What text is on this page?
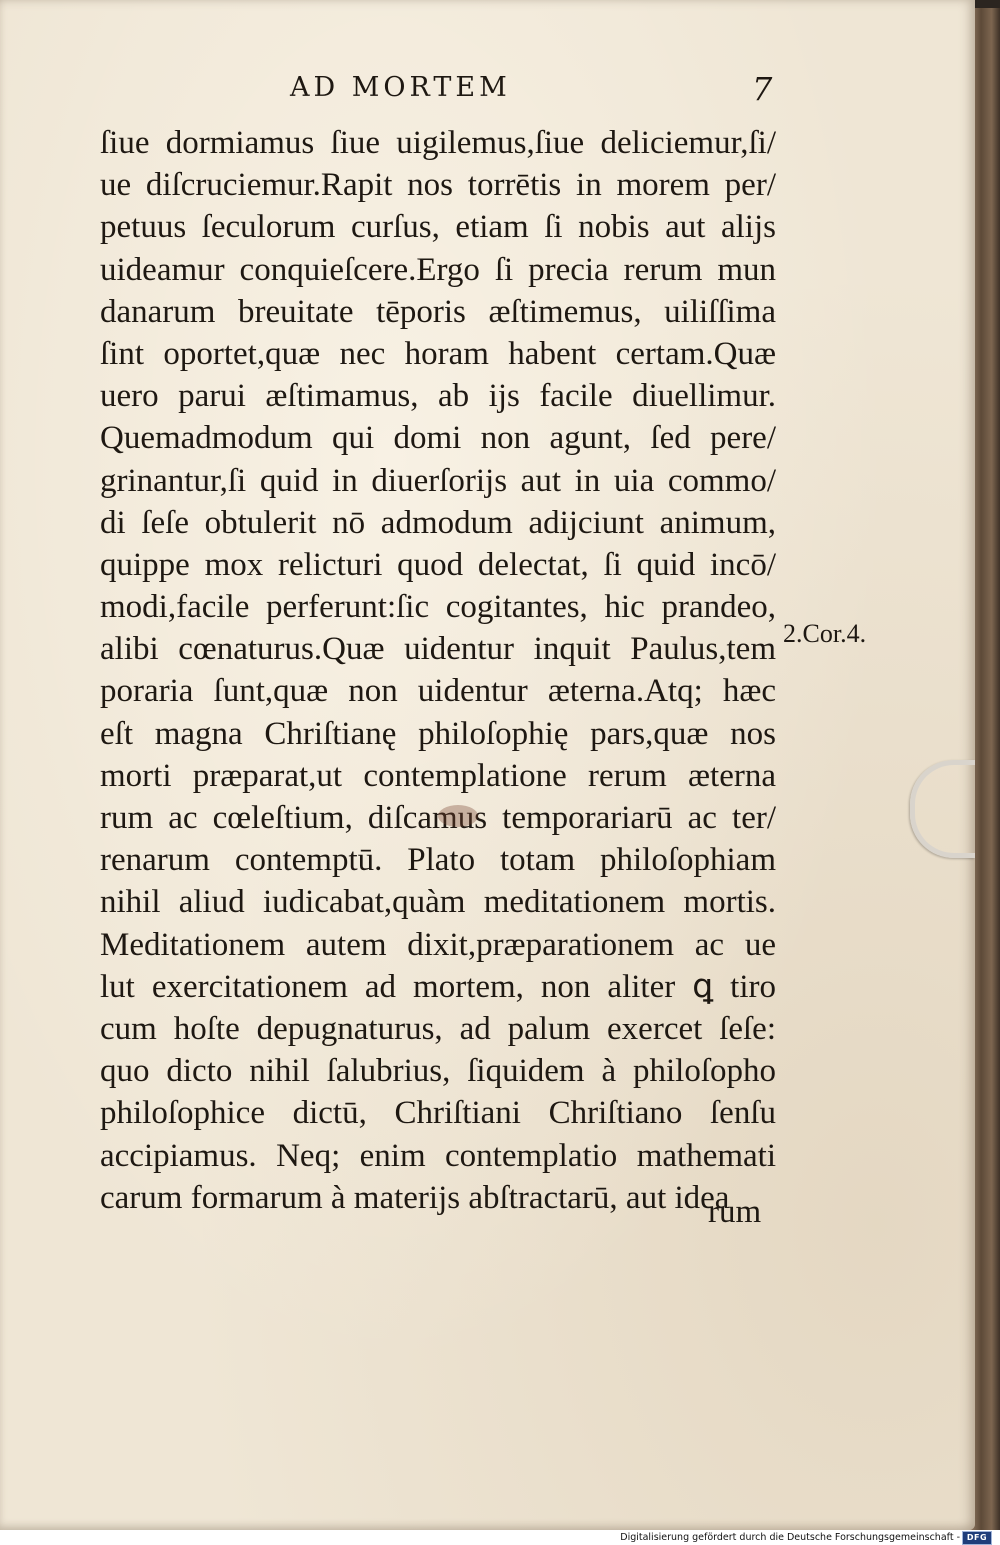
AD MORTEM	7
ſiue dormiamus ſiue uigilemus,ſiue deliciemur,ſi/
ue diſcruciemur.Rapit nos torrētis in morem per/
petuus ſeculorum curſus, etiam ſi nobis aut alijs
uideamur conquieſcere.Ergo ſi precia rerum mun
danarum breuitate tēporis æſtimemus, uiliſſima
ſint oportet,quæ nec horam habent certam.Quæ
uero parui æſtimamus, ab ijs facile diuellimur.
Quemadmodum qui domi non agunt, ſed pere/
grinantur,ſi quid in diuerſorijs aut in uia commo/
di ſeſe obtulerit nō admodum adijciunt animum,
quippe mox relicturi quod delectat, ſi quid incō/
modi,facile perferunt:ſic cogitantes, hic prandeo,
alibi cœnaturus.Quæ uidentur inquit Paulus,tem
poraria ſunt,quæ non uidentur æterna.Atq; hæc
eſt magna Chriſtianę philoſophię pars,quæ nos
morti præparat,ut contemplatione rerum æterna
rum ac cœleſtium, diſcamus temporariarū ac ter/
renarum contemptū. Plato totam philoſophiam
nihil aliud iudicabat,quàm meditationem mortis.
Meditationem autem dixit,præparationem ac ue
lut exercitationem ad mortem, non aliter ꝗ tiro
cum hoſte depugnaturus, ad palum exercet ſeſe:
quo dicto nihil ſalubrius, ſiquidem à philoſopho
philoſophice dictū, Chriſtiani Chriſtiano ſenſu
accipiamus. Neq; enim contemplatio mathemati
carum formarum à materijs abſtractarū, aut idea
2.Cor.4.
rum
Digitalisierung gefördert durch die Deutsche Forschungsgemeinschaft - DFG
